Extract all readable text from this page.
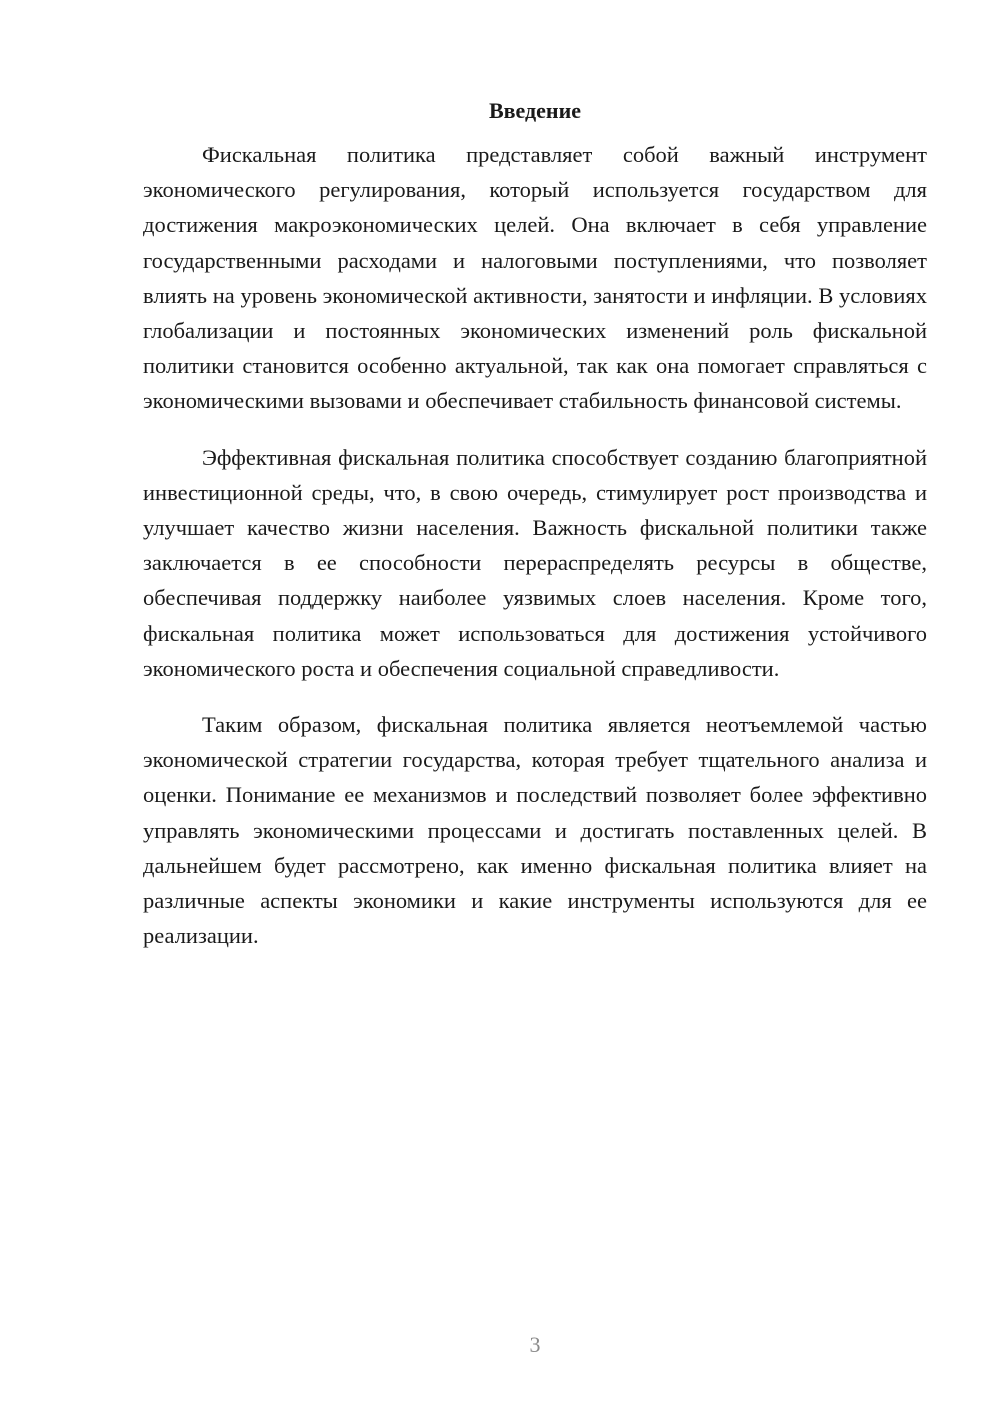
Введение

Фискальная политика представляет собой важный инструмент экономического регулирования, который используется государством для достижения макроэкономических целей. Она включает в себя управление государственными расходами и налоговыми поступлениями, что позволяет влиять на уровень экономической активности, занятости и инфляции. В условиях глобализации и постоянных экономических изменений роль фискальной политики становится особенно актуальной, так как она помогает справляться с экономическими вызовами и обеспечивает стабильность финансовой системы.

Эффективная фискальная политика способствует созданию благоприятной инвестиционной среды, что, в свою очередь, стимулирует рост производства и улучшает качество жизни населения. Важность фискальной политики также заключается в ее способности перераспределять ресурсы в обществе, обеспечивая поддержку наиболее уязвимых слоев населения. Кроме того, фискальная политика может использоваться для достижения устойчивого экономического роста и обеспечения социальной справедливости.

Таким образом, фискальная политика является неотъемлемой частью экономической стратегии государства, которая требует тщательного анализа и оценки. Понимание ее механизмов и последствий позволяет более эффективно управлять экономическими процессами и достигать поставленных целей. В дальнейшем будет рассмотрено, как именно фискальная политика влияет на различные аспекты экономики и какие инструменты используются для ее реализации.

3
